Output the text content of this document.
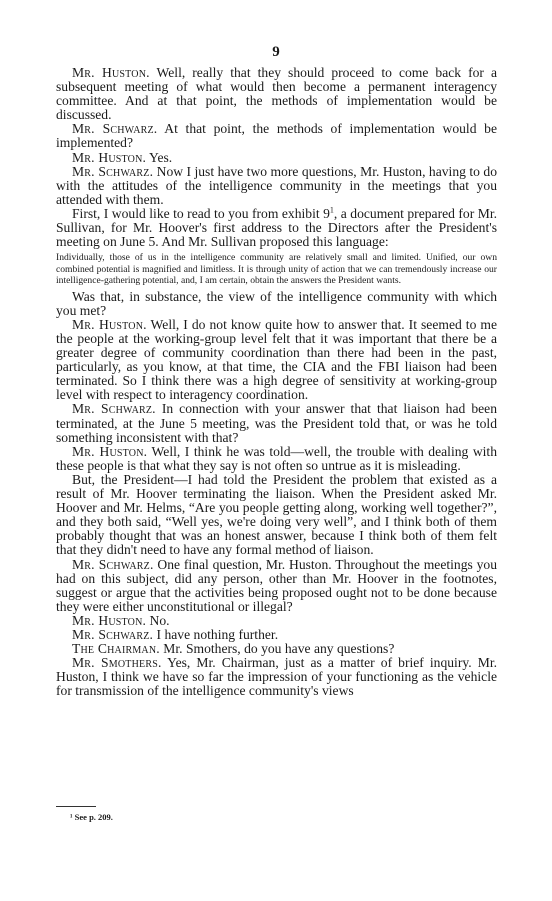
9

Mr. Huston. Well, really that they should proceed to come back for a subsequent meeting of what would then become a permanent interagency committee. And at that point, the methods of implementation would be discussed.

Mr. Schwarz. At that point, the methods of implementation would be implemented?

Mr. Huston. Yes.

Mr. Schwarz. Now I just have two more questions, Mr. Huston, having to do with the attitudes of the intelligence community in the meetings that you attended with them.

First, I would like to read to you from exhibit $9^1$, a document prepared for Mr. Sullivan, for Mr. Hoover's first address to the Directors after the President's meeting on June 5. And Mr. Sullivan proposed this language:

Individually, those of us in the intelligence community are relatively small and limited. Unified, our own combined potential is magnified and limitless. It is through unity of action that we can tremendously increase our intelligence-gathering potential, and, I am certain, obtain the answers the President wants.

Was that, in substance, the view of the intelligence community with which you met?

Mr. Huston. Well, I do not know quite how to answer that. It seemed to me the people at the working-group level felt that it was important that there be a greater degree of community coordination than there had been in the past, particularly, as you know, at that time, the CIA and the FBI liaison had been terminated. So I think there was a high degree of sensitivity at working-group level with respect to interagency coordination.

Mr. Schwarz. In connection with your answer that that liaison had been terminated, at the June 5 meeting, was the President told that, or was he told something inconsistent with that?

Mr. Huston. Well, I think he was told—well, the trouble with dealing with these people is that what they say is not often so untrue as it is misleading.

But, the President—I had told the President the problem that existed as a result of Mr. Hoover terminating the liaison. When the President asked Mr. Hoover and Mr. Helms, “Are you people getting along, working well together?”, and they both said, “Well yes, we're doing very well”, and I think both of them probably thought that was an honest answer, because I think both of them felt that they didn't need to have any formal method of liaison.

Mr. Schwarz. One final question, Mr. Huston. Throughout the meetings you had on this subject, did any person, other than Mr. Hoover in the footnotes, suggest or argue that the activities being proposed ought not to be done because they were either unconstitutional or illegal?

Mr. Huston. No.

Mr. Schwarz. I have nothing further.

The Chairman. Mr. Smothers, do you have any questions?

Mr. Smothers. Yes, Mr. Chairman, just as a matter of brief inquiry. Mr. Huston, I think we have so far the impression of your functioning as the vehicle for transmission of the intelligence community's views

¹ See p. 209.
